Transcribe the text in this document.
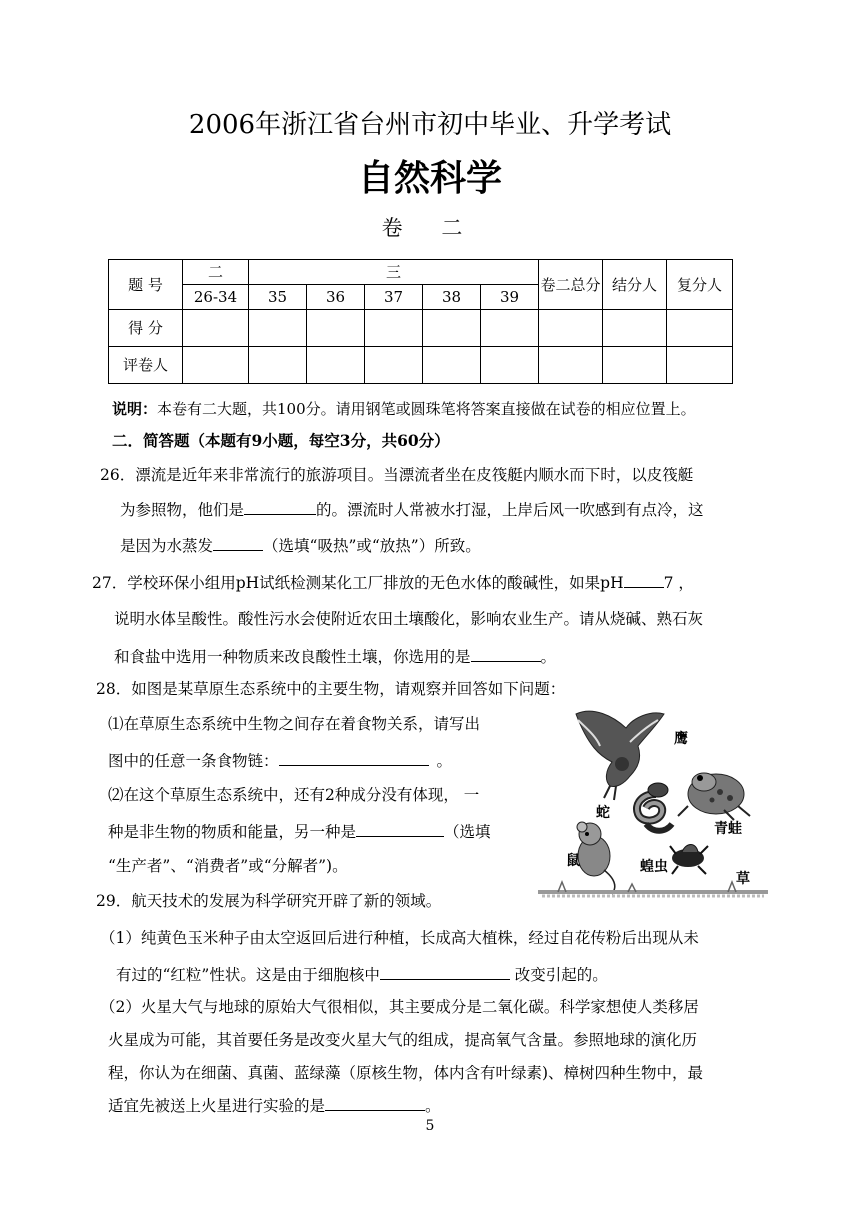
2006年浙江省台州市初中毕业、升学考试
自然科学
卷 二
题 号	二	三					卷二总分	结分人	复分人
	26-34	35	36	37	38	39			
得 分									
评卷人									
说明：本卷有二大题，共100分。请用钢笔或圆珠笔将答案直接做在试卷的相应位置上。
二．简答题（本题有9小题，每空3分，共60分）
26．漂流是近年来非常流行的旅游项目。当漂流者坐在皮筏艇内顺水而下时，以皮筏艇
为参照物，他们是	的。漂流时人常被水打湿，上岸后风一吹感到有点冷，这
是因为水蒸发	（选填“吸热”或“放热”）所致。
27．学校环保小组用pH试纸检测某化工厂排放的无色水体的酸碱性，如果pH	7 ，
说明水体呈酸性。酸性污水会使附近农田土壤酸化，影响农业生产。请从烧碱、熟石灰
和食盐中选用一种物质来改良酸性土壤，你选用的是	。
28．如图是某草原生态系统中的主要生物，请观察并回答如下问题：
⑴在草原生态系统中生物之间存在着食物关系，请写出
图中的任意一条食物链：	。
⑵在这个草原生态系统中，还有2种成分没有体现， 一
种是非生物的物质和能量，另一种是	（选填
“生产者”、“消费者”或“分解者”)。
鹰
蛇
青蛙
鼠	蝗虫
草
29．航天技术的发展为科学研究开辟了新的领域。
（1）纯黄色玉米种子由太空返回后进行种植，长成高大植株，经过自花传粉后出现从未
有过的“红粒”性状。这是由于细胞核中	改变引起的。
（2）火星大气与地球的原始大气很相似，其主要成分是二氧化碳。科学家想使人类移居
火星成为可能，其首要任务是改变火星大气的组成，提高氧气含量。参照地球的演化历
程，你认为在细菌、真菌、蓝绿藻（原核生物，体内含有叶绿素)、樟树四种生物中，最
适宜先被送上火星进行实验的是	。
5
